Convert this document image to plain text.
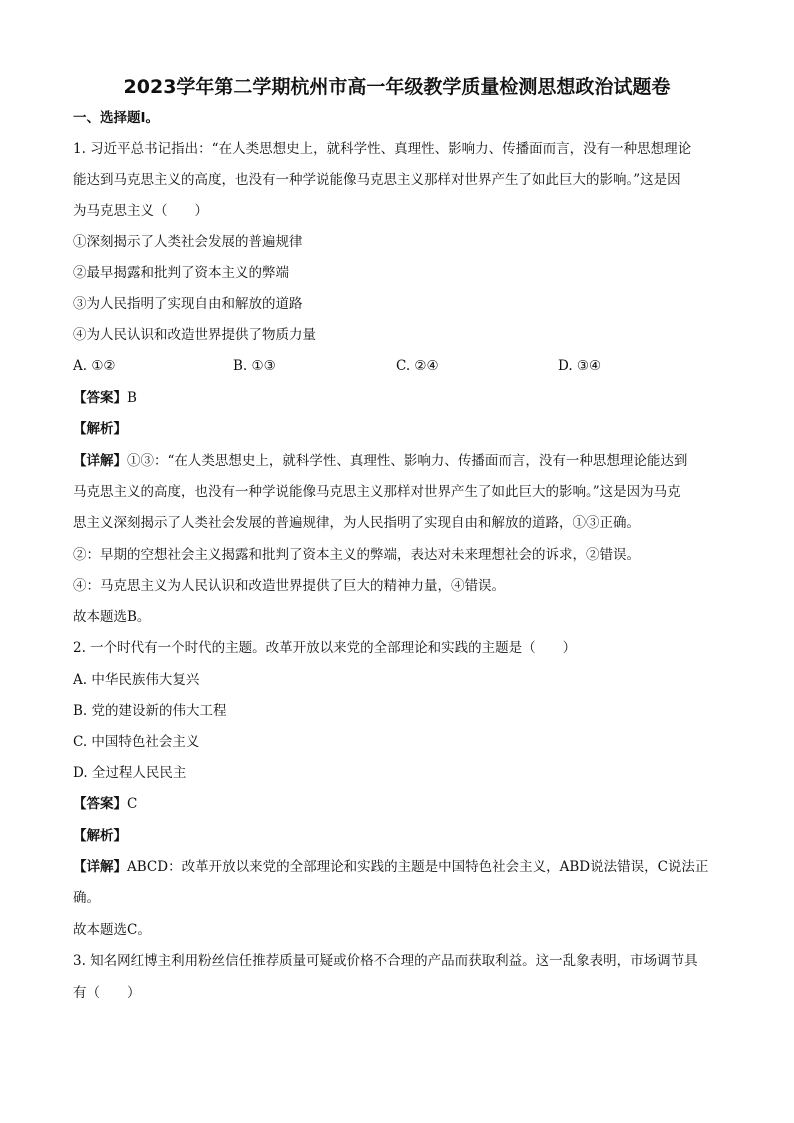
2023学年第二学期杭州市高一年级教学质量检测思想政治试题卷
一、选择题Ⅰ。
1. 习近平总书记指出：“在人类思想史上，就科学性、真理性、影响力、传播面而言，没有一种思想理论
能达到马克思主义的高度，也没有一种学说能像马克思主义那样对世界产生了如此巨大的影响。”这是因
为马克思主义（　　）
①深刻揭示了人类社会发展的普遍规律
②最早揭露和批判了资本主义的弊端
③为人民指明了实现自由和解放的道路
④为人民认识和改造世界提供了物质力量
A. ①②	B. ①③	C. ②④	D. ③④
【答案】B
【解析】
【详解】①③：“在人类思想史上，就科学性、真理性、影响力、传播面而言，没有一种思想理论能达到
马克思主义的高度，也没有一种学说能像马克思主义那样对世界产生了如此巨大的影响。”这是因为马克
思主义深刻揭示了人类社会发展的普遍规律，为人民指明了实现自由和解放的道路，①③正确。
②：早期的空想社会主义揭露和批判了资本主义的弊端，表达对未来理想社会的诉求，②错误。
④：马克思主义为人民认识和改造世界提供了巨大的精神力量，④错误。
故本题选B。
2. 一个时代有一个时代的主题。改革开放以来党的全部理论和实践的主题是（　　）
A. 中华民族伟大复兴
B. 党的建设新的伟大工程
C. 中国特色社会主义
D. 全过程人民民主
【答案】C
【解析】
【详解】ABCD：改革开放以来党的全部理论和实践的主题是中国特色社会主义，ABD说法错误，C说法正
确。
故本题选C。
3. 知名网红博主利用粉丝信任推荐质量可疑或价格不合理的产品而获取利益。这一乱象表明，市场调节具
有（　　）
